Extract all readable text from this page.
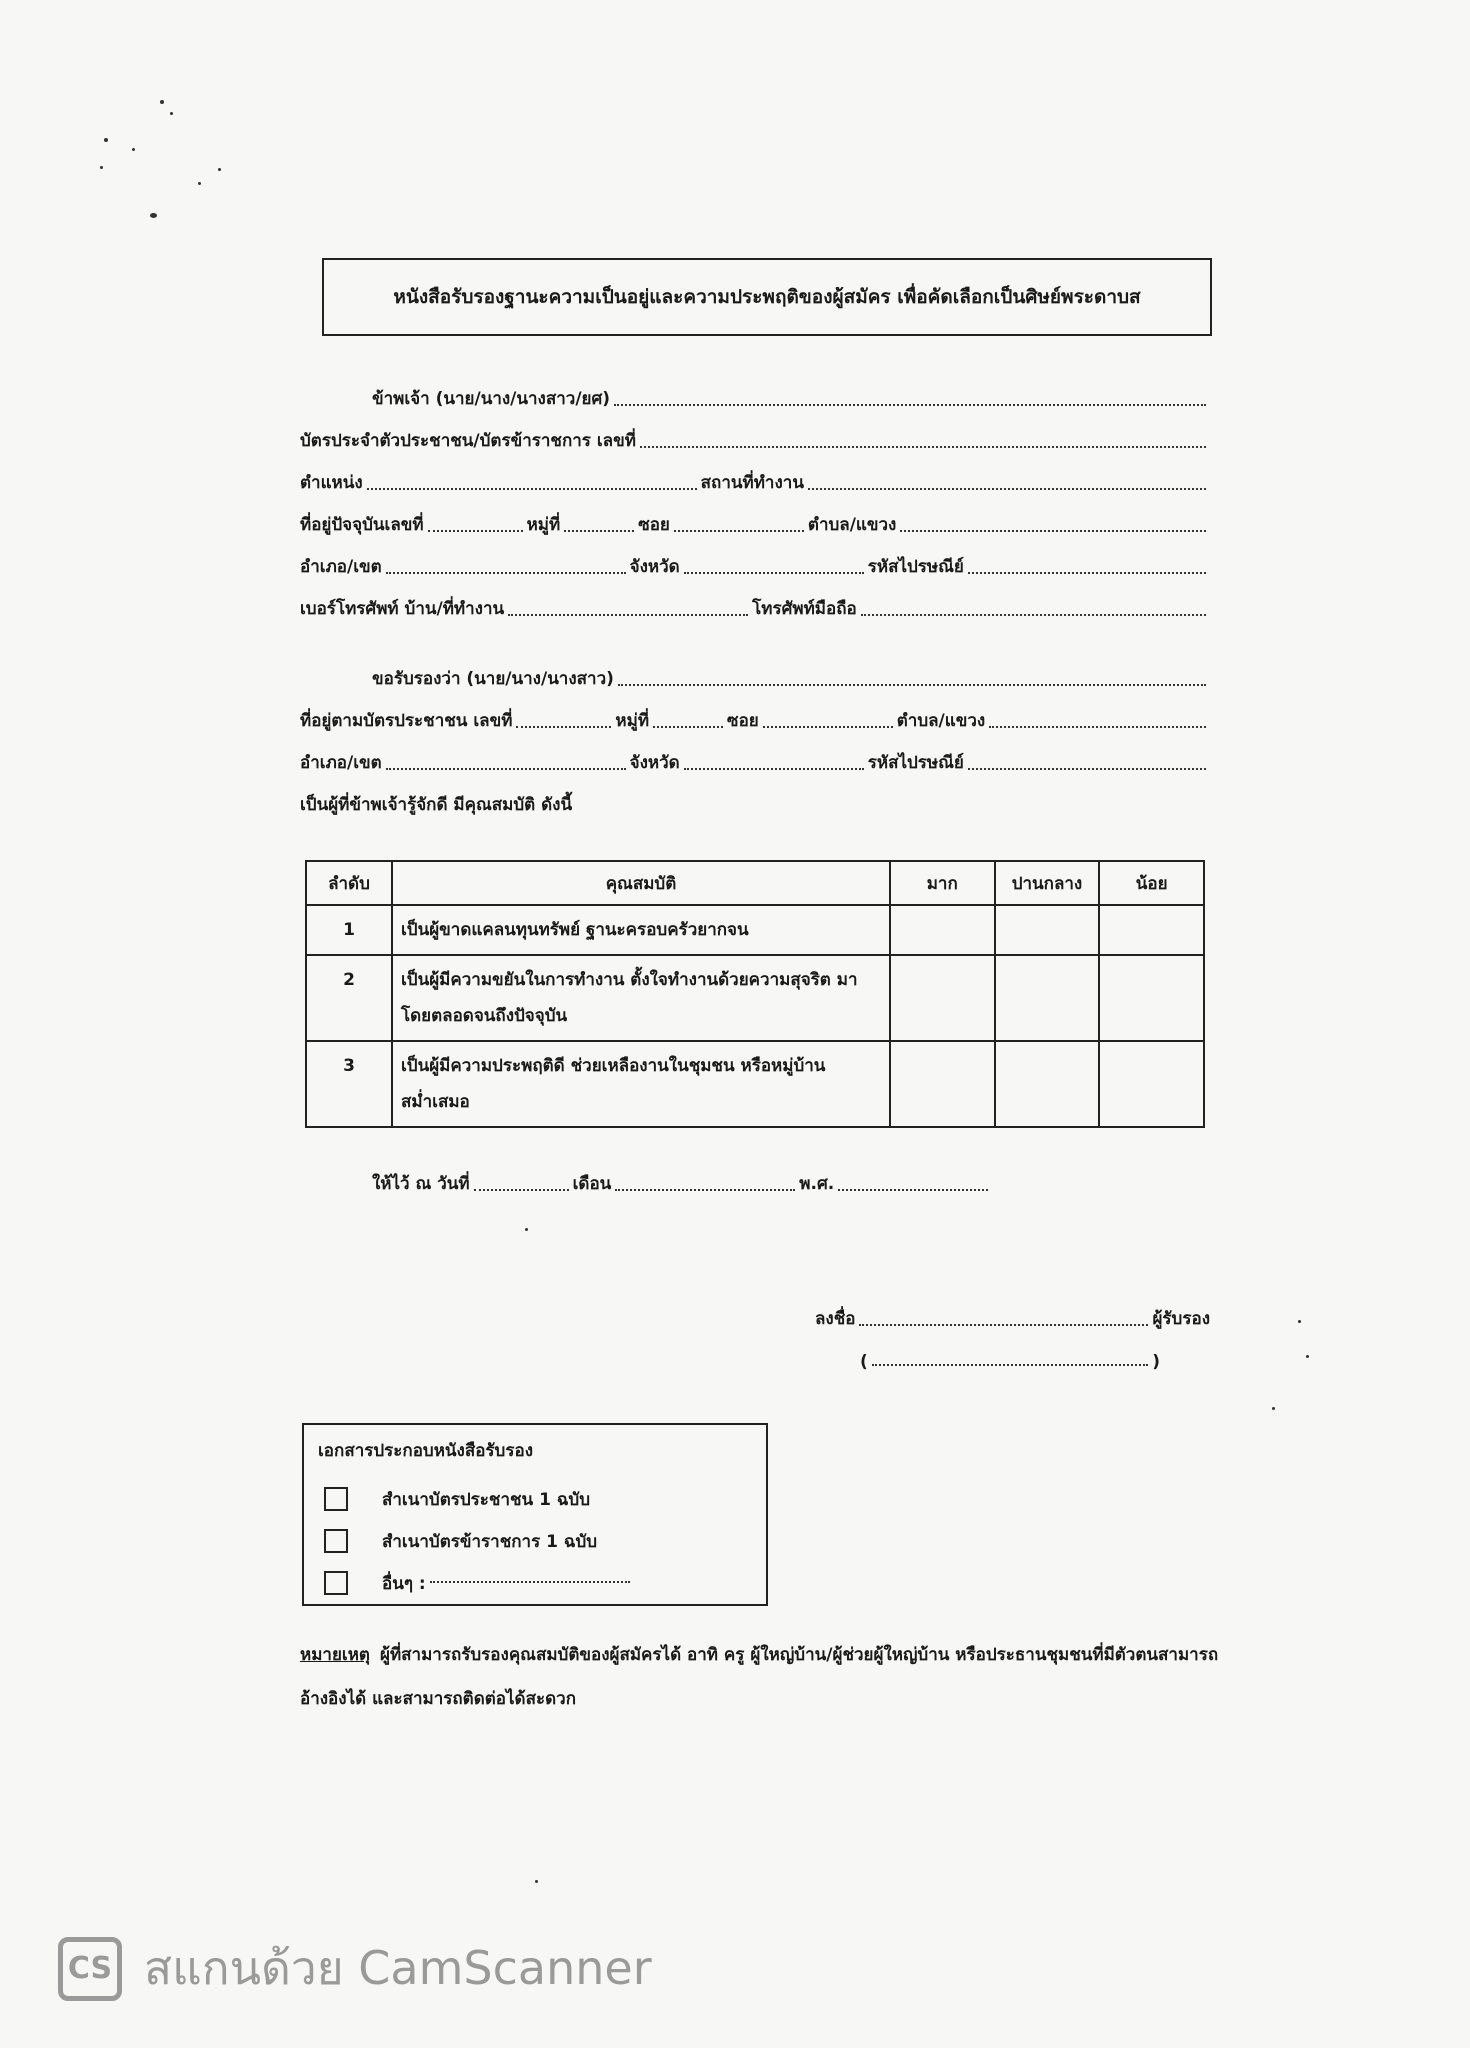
หนังสือรับรองฐานะความเป็นอยู่และความประพฤติของผู้สมัคร เพื่อคัดเลือกเป็นศิษย์พระดาบส
ข้าพเจ้า (นาย/นาง/นางสาว/ยศ)
บัตรประจำตัวประชาชน/บัตรข้าราชการ เลขที่
ตำแหน่ง	สถานที่ทำงาน
ที่อยู่ปัจจุบันเลขที่	หมู่ที่	ซอย	ตำบล/แขวง
อำเภอ/เขต	จังหวัด	รหัสไปรษณีย์
เบอร์โทรศัพท์ บ้าน/ที่ทำงาน	โทรศัพท์มือถือ
ขอรับรองว่า (นาย/นาง/นางสาว)
ที่อยู่ตามบัตรประชาชน เลขที่	หมู่ที่	ซอย	ตำบล/แขวง
อำเภอ/เขต	จังหวัด	รหัสไปรษณีย์
เป็นผู้ที่ข้าพเจ้ารู้จักดี มีคุณสมบัติ ดังนี้
ลำดับ	คุณสมบัติ	มาก	ปานกลาง	น้อย
1	เป็นผู้ขาดแคลนทุนทรัพย์ ฐานะครอบครัวยากจน			
2	เป็นผู้มีความขยันในการทำงาน ตั้งใจทำงานด้วยความสุจริต มาโดยตลอดจนถึงปัจจุบัน			
3	เป็นผู้มีความประพฤติดี ช่วยเหลืองานในชุมชน หรือหมู่บ้าน สม่ำเสมอ			
ให้ไว้ ณ วันที่	เดือน	พ.ศ.
ลงชื่อ	ผู้รับรอง
(	)
เอกสารประกอบหนังสือรับรอง
สำเนาบัตรประชาชน 1 ฉบับ
สำเนาบัตรข้าราชการ 1 ฉบับ
อื่นๆ :
หมายเหตุ ผู้ที่สามารถรับรองคุณสมบัติของผู้สมัครได้ อาทิ ครู ผู้ใหญ่บ้าน/ผู้ช่วยผู้ใหญ่บ้าน หรือประธานชุมชนที่มีตัวตนสามารถอ้างอิงได้ และสามารถติดต่อได้สะดวก
CS สแกนด้วย CamScanner
